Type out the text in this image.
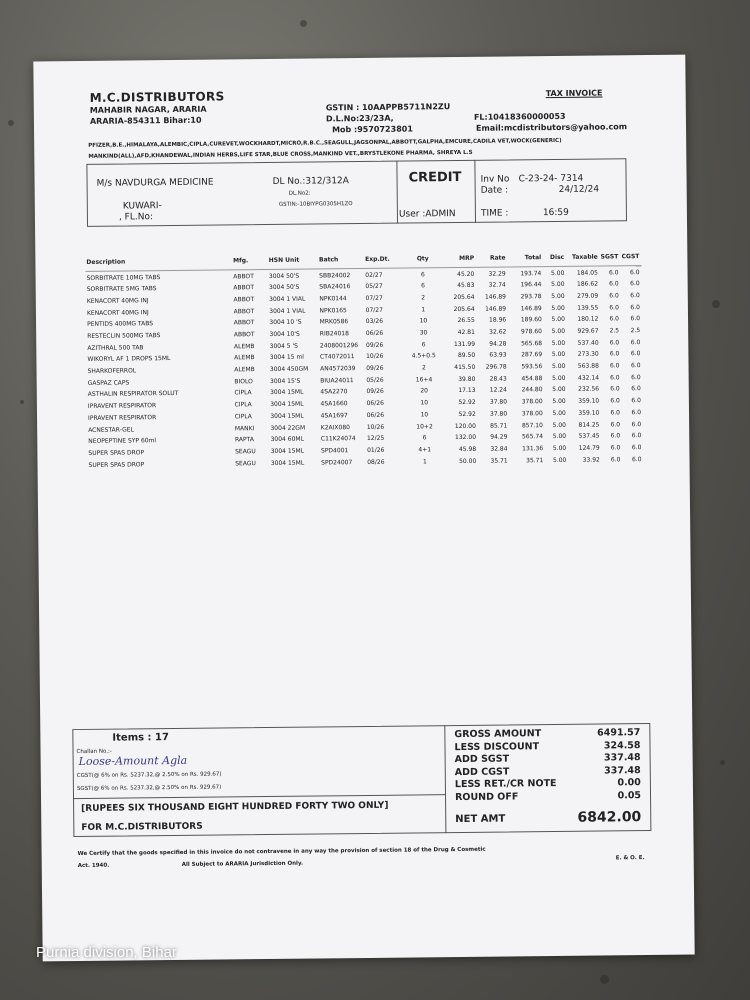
M.C.DISTRIBUTORS
MAHABIR NAGAR, ARARIA
ARARIA-854311 Bihar:10
GSTIN : 10AAPPB5711N2ZU
D.L.No:23/23A,
Mob :9570723801
FL:10418360000053
Email:mcdistributors@yahoo.com
TAX INVOICE
PFIZER,B.E.,HIMALAYA,ALEMBIC,CIPLA,CUREVET,WOCKHARDT,MICRO,R.B.C.,SEAGULL,JAGSONPAL,ABBOTT,GALPHA,EMCURE,CADILA VET,WOCK(GENERIC)
MANKIND(ALL),AFD,KHANDEWAL,INDIAN HERBS,LIFE STAR,BLUE CROSS,MANKIND VET.,BRYSTLEKONE PHARMA, SHREYA L.S
M/s NAVDURGA MEDICINE
KUWARI-
, FL.No:
DL No.:312/312A
DL.No2:
GSTIN:-10BIYPG0305H1ZO
User :ADMIN
CREDIT Inv No C-23-24- 7314
Date :	24/12/24
TIME :	16:59
Description	Mfg.	HSN Unit	Batch	Exp.Dt.	Qty	MRP	Rate	Total	Disc	Taxable	SGST	CGST
SORBITRATE 10MG TABS	ABBOT	3004 50'S	SBB24002	02/27	6	45.20	32.29	193.74	5.00	184.05	6.0	6.0
SORBITRATE 5MG TABS	ABBOT	3004 50'S	SBA24016	05/27	6	45.83	32.74	196.44	5.00	186.62	6.0	6.0
KENACORT 40MG INJ	ABBOT	3004 1 VIAL	NPK0144	07/27	2	205.64	146.89	293.78	5.00	279.09	6.0	6.0
KENACORT 40MG INJ	ABBOT	3004 1 VIAL	NPK0165	07/27	1	205.64	146.89	146.89	5.00	139.55	6.0	6.0
PENTIDS 400MG TABS	ABBOT	3004 10 'S	MRK0586	03/26	10	26.55	18.96	189.60	5.00	180.12	6.0	6.0
RESTECLIN 500MG TABS	ABBOT	3004 10'S	RIB24018	06/26	30	42.81	32.62	978.60	5.00	929.67	2.5	2.5
AZITHRAL 500 TAB	ALEMB	3004 5 'S	2408001296	09/26	6	131.99	94.28	565.68	5.00	537.40	6.0	6.0
WIKORYL AF 1 DROPS 15ML	ALEMB	3004 15 ml	CT4072011	10/26	4.5+0.5	89.50	63.93	287.69	5.00	273.30	6.0	6.0
SHARKOFERROL	ALEMB	3004 450GM	AN4572039	09/26	2	415.50	296.78	593.56	5.00	563.88	6.0	6.0
GASPAZ CAPS	BIOLO	3004 15'S	BIUA24011	05/26	16+4	39.80	28.43	454.88	5.00	432.14	6.0	6.0
ASTHALIN RESPIRATOR SOLUT	CIPLA	3004 15ML	4SA2270	09/26	20	17.13	12.24	244.80	5.00	232.56	6.0	6.0
IPRAVENT RESPIRATOR	CIPLA	3004 15ML	4SA1660	06/26	10	52.92	37.80	378.00	5.00	359.10	6.0	6.0
IPRAVENT RESPIRATOR	CIPLA	3004 15ML	4SA1697	06/26	10	52.92	37.80	378.00	5.00	359.10	6.0	6.0
ACNESTAR-GEL	MANKI	3004 22GM	K2AIX080	10/26	10+2	120.00	85.71	857.10	5.00	814.25	6.0	6.0
NEOPEPTINE SYP 60ml	RAPTA	3004 60ML	C11K24074	12/25	6	132.00	94.29	565.74	5.00	537.45	6.0	6.0
SUPER SPAS DROP	SEAGU	3004 15ML	SPD4001	01/26	4+1	45.98	32.84	131.36	5.00	124.79	6.0	6.0
SUPER SPAS DROP	SEAGU	3004 15ML	SPD24007	08/26	1	50.00	35.71	35.71	5.00	33.92	6.0	6.0
Items : 17
Challan No.:-
Loose-Amount Agla
CGST(@ 6% on Rs. 5237.32,@ 2.50% on Rs. 929.67)
SGST(@ 6% on Rs. 5237.32,@ 2.50% on Rs. 929.67)
[RUPEES SIX THOUSAND EIGHT HUNDRED FORTY TWO ONLY]
FOR M.C.DISTRIBUTORS
GROSS AMOUNT	6491.57
LESS DISCOUNT	324.58
ADD SGST	337.48
ADD CGST	337.48
LESS RET./CR NOTE	0.00
ROUND OFF	0.05
NET AMT	6842.00
We Certify that the goods specified in this invoice do not contravene in any way the provision of section 18 of the Drug & Cosmetic
Act. 1940.	All Subject to ARARIA Jurisdiction Only.
E. & O. E.
Purnia division, Bihar
